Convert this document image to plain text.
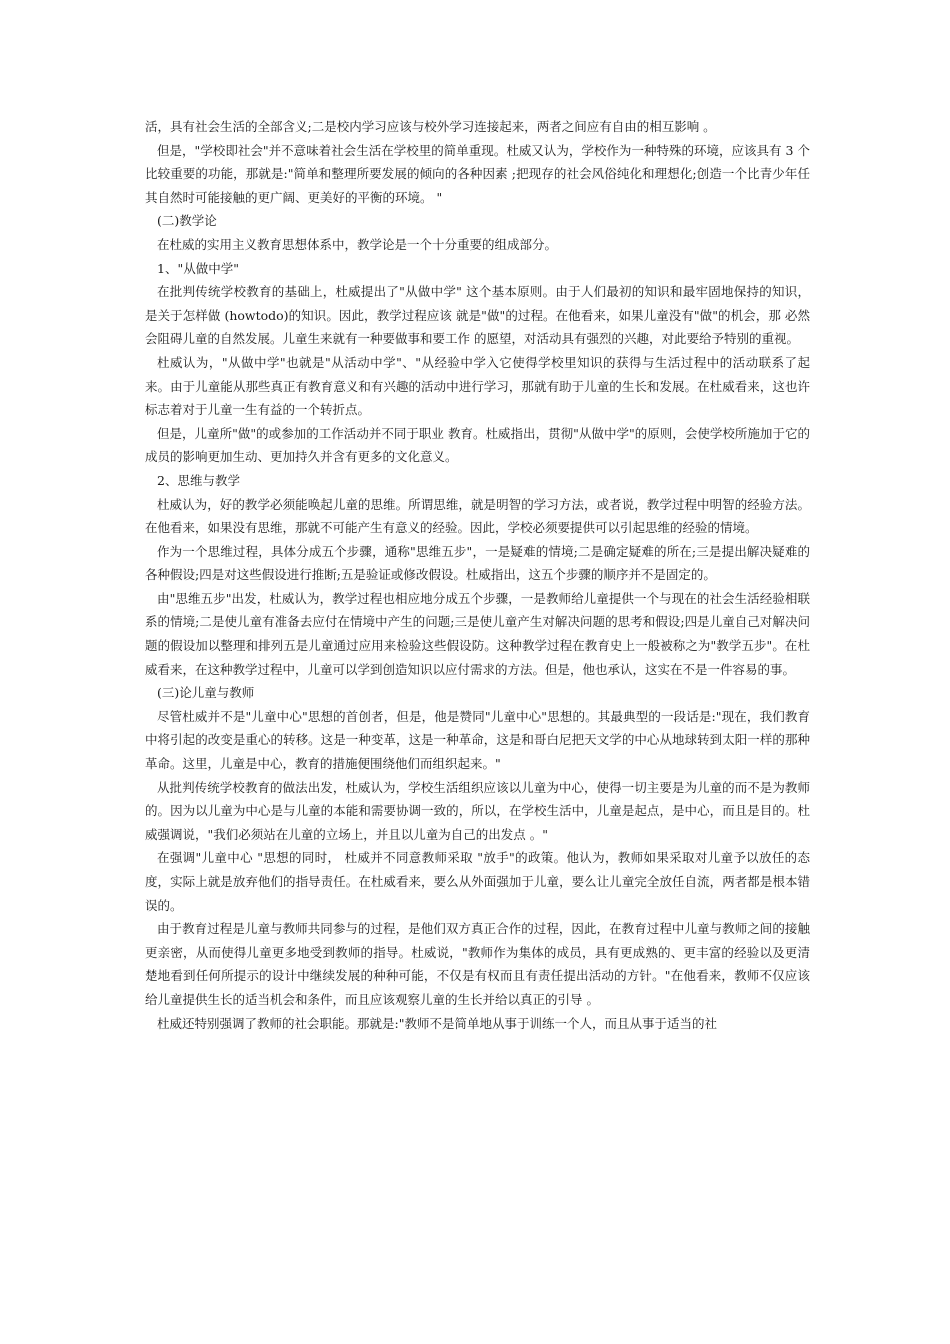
活，具有社会生活的全部含义;二是校内学习应该与校外学习连接起来，两者之间应有自由的相互影响 。

但是，"学校即社会"并不意味着社会生活在学校里的简单重现。杜威又认为，学校作为一种特殊的环境，应该具有 3 个比较重要的功能，那就是:"简单和整理所要发展的倾向的各种因素 ;把现存的社会风俗纯化和理想化;创造一个比青少年任其自然时可能接触的更广阔、更美好的平衡的环境。 "

(二)教学论

在杜威的实用主义教育思想体系中，教学论是一个十分重要的组成部分。

1、"从做中学"

在批判传统学校教育的基础上，杜威提出了"从做中学" 这个基本原则。由于人们最初的知识和最牢固地保持的知识， 是关于怎样做 (howtodo)的知识。因此，教学过程应该 就是"做"的过程。在他看来，如果儿童没有"做"的机会，那 必然会阻碍儿童的自然发展。儿童生来就有一种要做事和要工作 的愿望，对活动具有强烈的兴趣，对此要给予特别的重视。

杜威认为，"从做中学"也就是"从活动中学"、"从经验中学入它使得学校里知识的获得与生活过程中的活动联系了起来。由于儿童能从那些真正有教育意义和有兴趣的活动中进行学习，那就有助于儿童的生长和发展。在杜威看来，这也许标志着对于儿童一生有益的一个转折点。

但是，儿童所"做"的或参加的工作活动并不同于职业 教育。杜威指出，贯彻"从做中学"的原则，会使学校所施加于它的成员的影响更加生动、更加持久并含有更多的文化意义。

2、思维与教学

杜威认为，好的教学必须能唤起儿童的思维。所谓思维，就是明智的学习方法，或者说，教学过程中明智的经验方法。在他看来，如果没有思维，那就不可能产生有意义的经验。因此，学校必须要提供可以引起思维的经验的情境。

作为一个思维过程，具体分成五个步骤，通称"思维五步"，一是疑难的情境;二是确定疑难的所在;三是提出解决疑难的各种假设;四是对这些假设进行推断;五是验证或修改假设。杜威指出，这五个步骤的顺序并不是固定的。

由"思维五步"出发，杜威认为，教学过程也相应地分成五个步骤，一是教师给儿童提供一个与现在的社会生活经验相联系的情境;二是使儿童有准备去应付在情境中产生的问题;三是使儿童产生对解决问题的思考和假设;四是儿童自己对解决问题的假设加以整理和排列五是儿童通过应用来检验这些假设防。这种教学过程在教育史上一般被称之为"教学五步"。在杜威看来，在这种教学过程中，儿童可以学到创造知识以应付需求的方法。但是，他也承认，这实在不是一件容易的事。

(三)论儿童与教师

尽管杜威并不是"儿童中心"思想的首创者，但是，他是赞同"儿童中心"思想的。其最典型的一段话是:"现在，我们教育中将引起的改变是重心的转移。这是一种变革，这是一种革命，这是和哥白尼把天文学的中心从地球转到太阳一样的那种革命。这里，儿童是中心，教育的措施便围绕他们而组织起来。"

从批判传统学校教育的做法出发，杜威认为，学校生活组织应该以儿童为中心，使得一切主要是为儿童的而不是为教师的。因为以儿童为中心是与儿童的本能和需要协调一致的，所以，在学校生活中，儿童是起点，是中心，而且是目的。杜威强调说，"我们必须站在儿童的立场上，并且以儿童为自己的出发点 。"

在强调"儿童中心 "思想的同时， 杜威并不同意教师采取 "放手"的政策。他认为，教师如果采取对儿童予以放任的态度，实际上就是放弃他们的指导责任。在杜威看来，要么从外面强加于儿童，要么让儿童完全放任自流，两者都是根本错误的。

由于教育过程是儿童与教师共同参与的过程，是他们双方真正合作的过程，因此，在教育过程中儿童与教师之间的接触更亲密，从而使得儿童更多地受到教师的指导。杜威说，"教师作为集体的成员，具有更成熟的、更丰富的经验以及更清楚地看到任何所提示的设计中继续发展的种种可能，不仅是有权而且有责任提出活动的方针。"在他看来，教师不仅应该给儿童提供生长的适当机会和条件，而且应该观察儿童的生长并给以真正的引导 。

杜威还特别强调了教师的社会职能。那就是:"教师不是简单地从事于训练一个人，而且从事于适当的社
